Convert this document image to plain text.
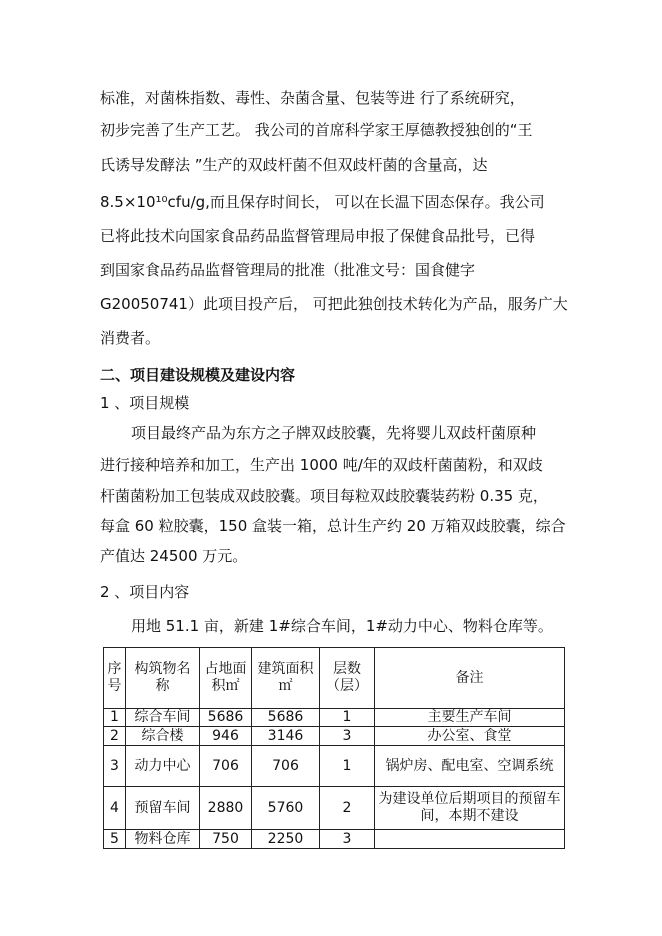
标准，对菌株指数、毒性、杂菌含量、包装等进 行了系统研究，
初步完善了生产工艺。 我公司的首席科学家王厚德教授独创的“王
氏诱导发酵法 ”生产的双歧杆菌不但双歧杆菌的含量高，达
8.5×10¹⁰cfu/g,而且保存时间长， 可以在长温下固态保存。我公司
已将此技术向国家食品药品监督管理局申报了保健食品批号，已得
到国家食品药品监督管理局的批准（批准文号：国食健字
G20050741）此项目投产后， 可把此独创技术转化为产品，服务广大
消费者。
二、项目建设规模及建设内容
1 、项目规模
项目最终产品为东方之子牌双歧胶囊，先将婴儿双歧杆菌原种
进行接种培养和加工，生产出 1000 吨/年的双歧杆菌菌粉，和双歧
杆菌菌粉加工包装成双歧胶囊。项目每粒双歧胶囊装药粉 0.35 克，
每盒 60 粒胶囊，150 盒装一箱，总计生产约 20 万箱双歧胶囊，综合
产值达 24500 万元。
2 、项目内容
用地 51.1 亩，新建 1#综合车间，1#动力中心、物料仓库等。
序号	构筑物名称	占地面积㎡	建筑面积㎡	层数（层）	备注
1	综合车间	5686	5686	1	主要生产车间
2	综合楼	946	3146	3	办公室、食堂
3	动力中心	706	706	1	锅炉房、配电室、空调系统
4	预留车间	2880	5760	2	为建设单位后期项目的预留车间，本期不建设
5	物料仓库	750	2250	3	
